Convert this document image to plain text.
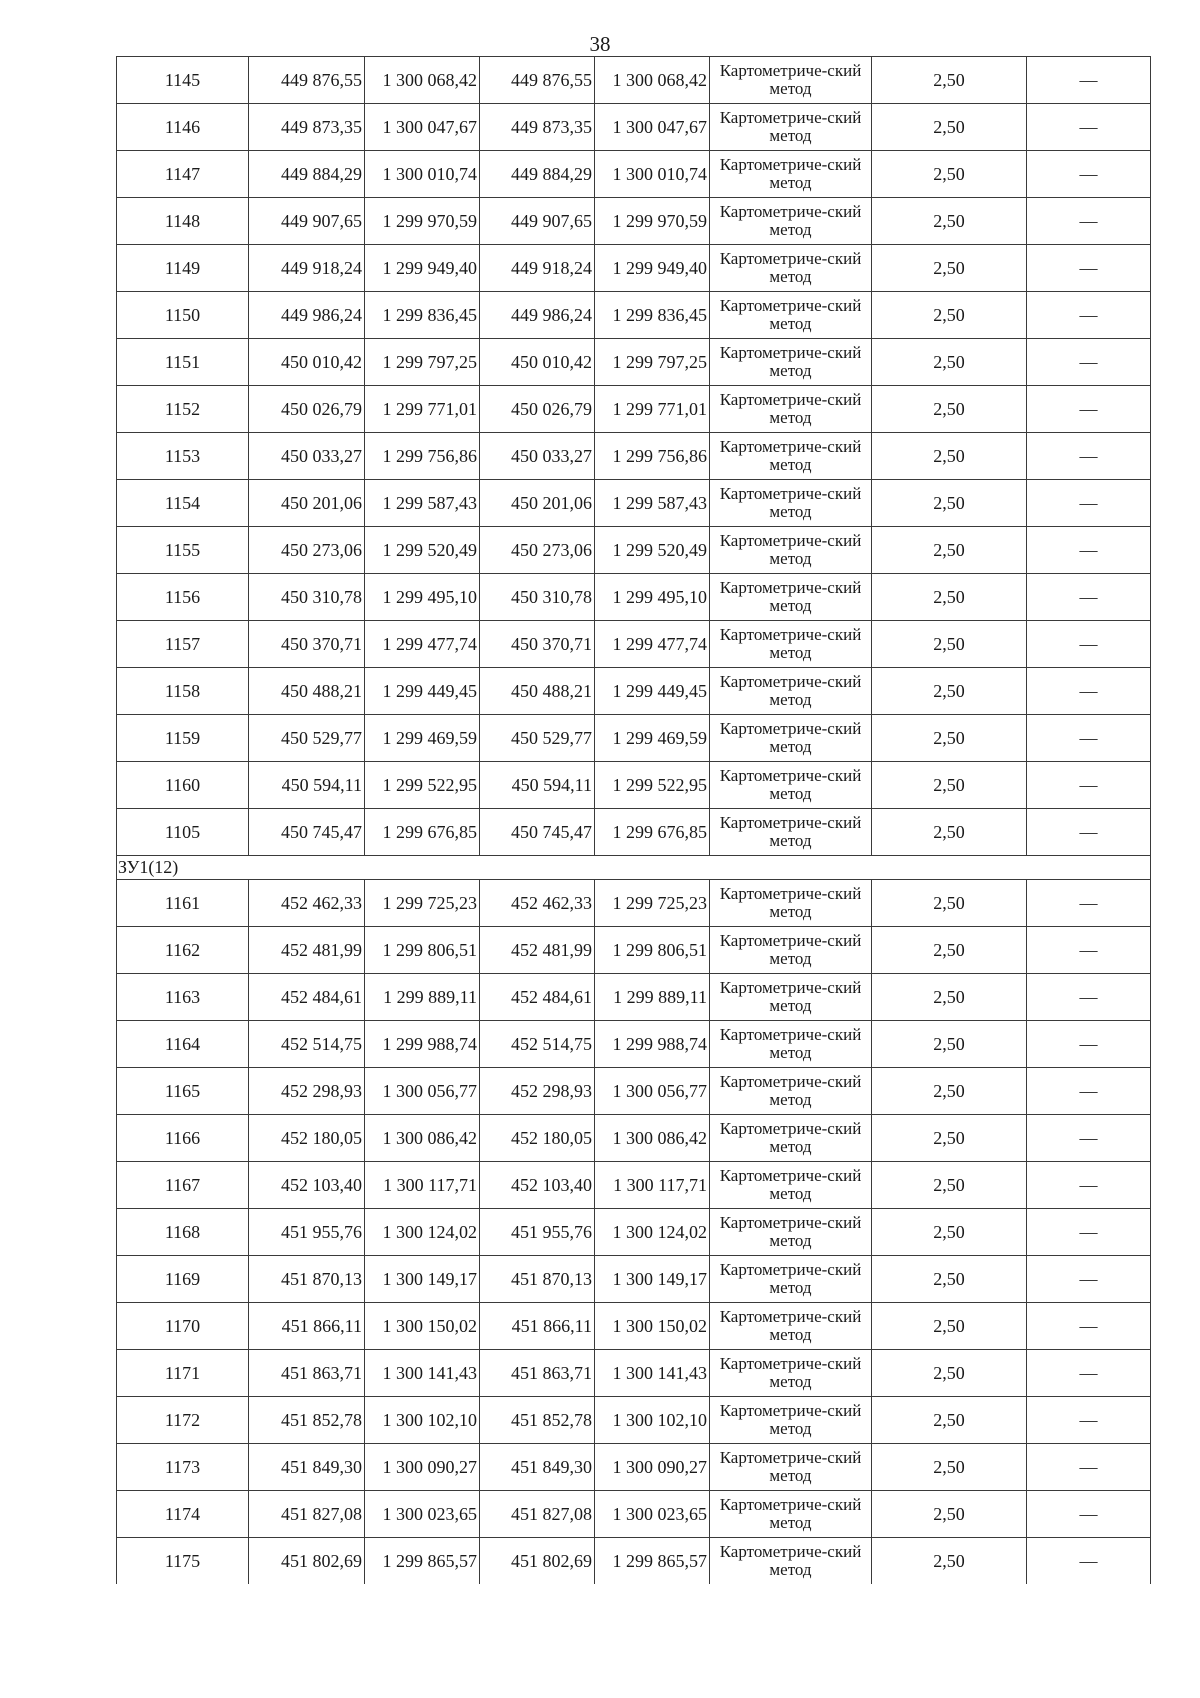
38
1145	449 876,55	1 300 068,42	449 876,55	1 300 068,42	Картометриче-ский метод	2,50	—
1146	449 873,35	1 300 047,67	449 873,35	1 300 047,67	Картометриче-ский метод	2,50	—
1147	449 884,29	1 300 010,74	449 884,29	1 300 010,74	Картометриче-ский метод	2,50	—
1148	449 907,65	1 299 970,59	449 907,65	1 299 970,59	Картометриче-ский метод	2,50	—
1149	449 918,24	1 299 949,40	449 918,24	1 299 949,40	Картометриче-ский метод	2,50	—
1150	449 986,24	1 299 836,45	449 986,24	1 299 836,45	Картометриче-ский метод	2,50	—
1151	450 010,42	1 299 797,25	450 010,42	1 299 797,25	Картометриче-ский метод	2,50	—
1152	450 026,79	1 299 771,01	450 026,79	1 299 771,01	Картометриче-ский метод	2,50	—
1153	450 033,27	1 299 756,86	450 033,27	1 299 756,86	Картометриче-ский метод	2,50	—
1154	450 201,06	1 299 587,43	450 201,06	1 299 587,43	Картометриче-ский метод	2,50	—
1155	450 273,06	1 299 520,49	450 273,06	1 299 520,49	Картометриче-ский метод	2,50	—
1156	450 310,78	1 299 495,10	450 310,78	1 299 495,10	Картометриче-ский метод	2,50	—
1157	450 370,71	1 299 477,74	450 370,71	1 299 477,74	Картометриче-ский метод	2,50	—
1158	450 488,21	1 299 449,45	450 488,21	1 299 449,45	Картометриче-ский метод	2,50	—
1159	450 529,77	1 299 469,59	450 529,77	1 299 469,59	Картометриче-ский метод	2,50	—
1160	450 594,11	1 299 522,95	450 594,11	1 299 522,95	Картометриче-ский метод	2,50	—
1105	450 745,47	1 299 676,85	450 745,47	1 299 676,85	Картометриче-ский метод	2,50	—
ЗУ1(12)							
1161	452 462,33	1 299 725,23	452 462,33	1 299 725,23	Картометриче-ский метод	2,50	—
1162	452 481,99	1 299 806,51	452 481,99	1 299 806,51	Картометриче-ский метод	2,50	—
1163	452 484,61	1 299 889,11	452 484,61	1 299 889,11	Картометриче-ский метод	2,50	—
1164	452 514,75	1 299 988,74	452 514,75	1 299 988,74	Картометриче-ский метод	2,50	—
1165	452 298,93	1 300 056,77	452 298,93	1 300 056,77	Картометриче-ский метод	2,50	—
1166	452 180,05	1 300 086,42	452 180,05	1 300 086,42	Картометриче-ский метод	2,50	—
1167	452 103,40	1 300 117,71	452 103,40	1 300 117,71	Картометриче-ский метод	2,50	—
1168	451 955,76	1 300 124,02	451 955,76	1 300 124,02	Картометриче-ский метод	2,50	—
1169	451 870,13	1 300 149,17	451 870,13	1 300 149,17	Картометриче-ский метод	2,50	—
1170	451 866,11	1 300 150,02	451 866,11	1 300 150,02	Картометриче-ский метод	2,50	—
1171	451 863,71	1 300 141,43	451 863,71	1 300 141,43	Картометриче-ский метод	2,50	—
1172	451 852,78	1 300 102,10	451 852,78	1 300 102,10	Картометриче-ский метод	2,50	—
1173	451 849,30	1 300 090,27	451 849,30	1 300 090,27	Картометриче-ский метод	2,50	—
1174	451 827,08	1 300 023,65	451 827,08	1 300 023,65	Картометриче-ский метод	2,50	—
1175	451 802,69	1 299 865,57	451 802,69	1 299 865,57	Картометриче-ский метод	2,50	—
